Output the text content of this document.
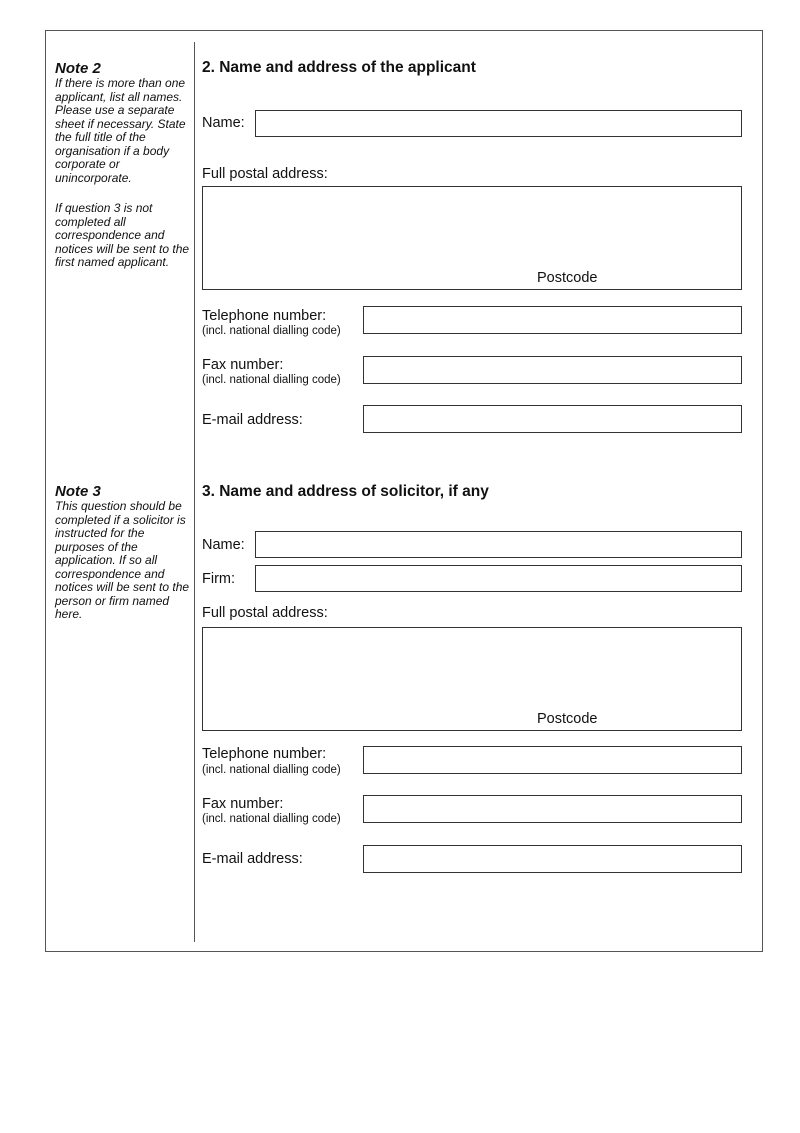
Note 2

If there is more than one applicant, list all names. Please use a separate sheet if necessary. State the full title of the organisation if a body corporate or unincorporate.

If question 3 is not completed all correspondence and notices will be sent to the first named applicant.

Note 3

This question should be completed if a solicitor is instructed for the purposes of the application. If so all correspondence and notices will be sent to the person or firm named here.

2. Name and address of the applicant
Name:
Full postal address:
Postcode
Telephone number:
(incl. national dialling code)
Fax number:
(incl. national dialling code)
E-mail address:
3. Name and address of solicitor, if any
Name:
Firm:
Full postal address:
Postcode
Telephone number:
(incl. national dialling code)
Fax number:
(incl. national dialling code)
E-mail address:
